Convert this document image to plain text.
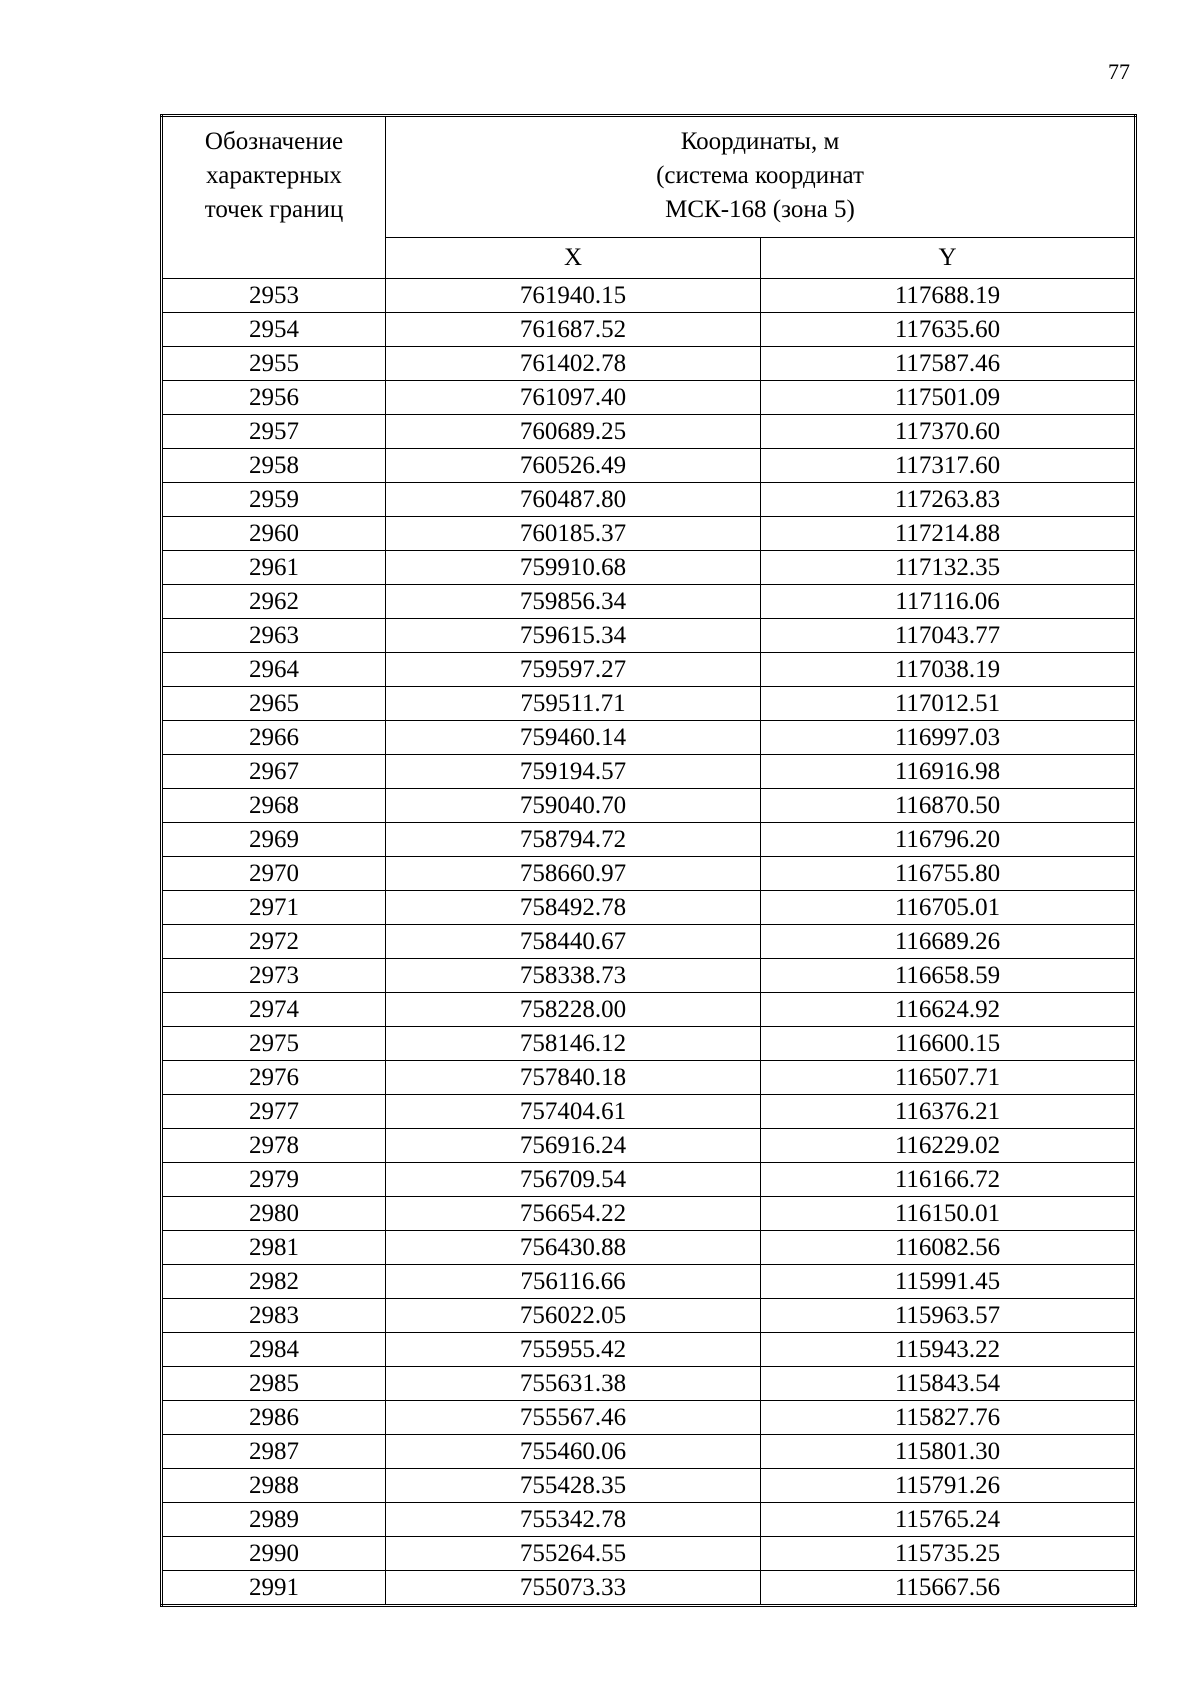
77
Обозначение
характерных
точек границ	Координаты, м
(система координат
МСК-168 (зона 5)	

	X	Y
2953	761940.15	117688.19
2954	761687.52	117635.60
2955	761402.78	117587.46
2956	761097.40	117501.09
2957	760689.25	117370.60
2958	760526.49	117317.60
2959	760487.80	117263.83
2960	760185.37	117214.88
2961	759910.68	117132.35
2962	759856.34	117116.06
2963	759615.34	117043.77
2964	759597.27	117038.19
2965	759511.71	117012.51
2966	759460.14	116997.03
2967	759194.57	116916.98
2968	759040.70	116870.50
2969	758794.72	116796.20
2970	758660.97	116755.80
2971	758492.78	116705.01
2972	758440.67	116689.26
2973	758338.73	116658.59
2974	758228.00	116624.92
2975	758146.12	116600.15
2976	757840.18	116507.71
2977	757404.61	116376.21
2978	756916.24	116229.02
2979	756709.54	116166.72
2980	756654.22	116150.01
2981	756430.88	116082.56
2982	756116.66	115991.45
2983	756022.05	115963.57
2984	755955.42	115943.22
2985	755631.38	115843.54
2986	755567.46	115827.76
2987	755460.06	115801.30
2988	755428.35	115791.26
2989	755342.78	115765.24
2990	755264.55	115735.25
2991	755073.33	115667.56
